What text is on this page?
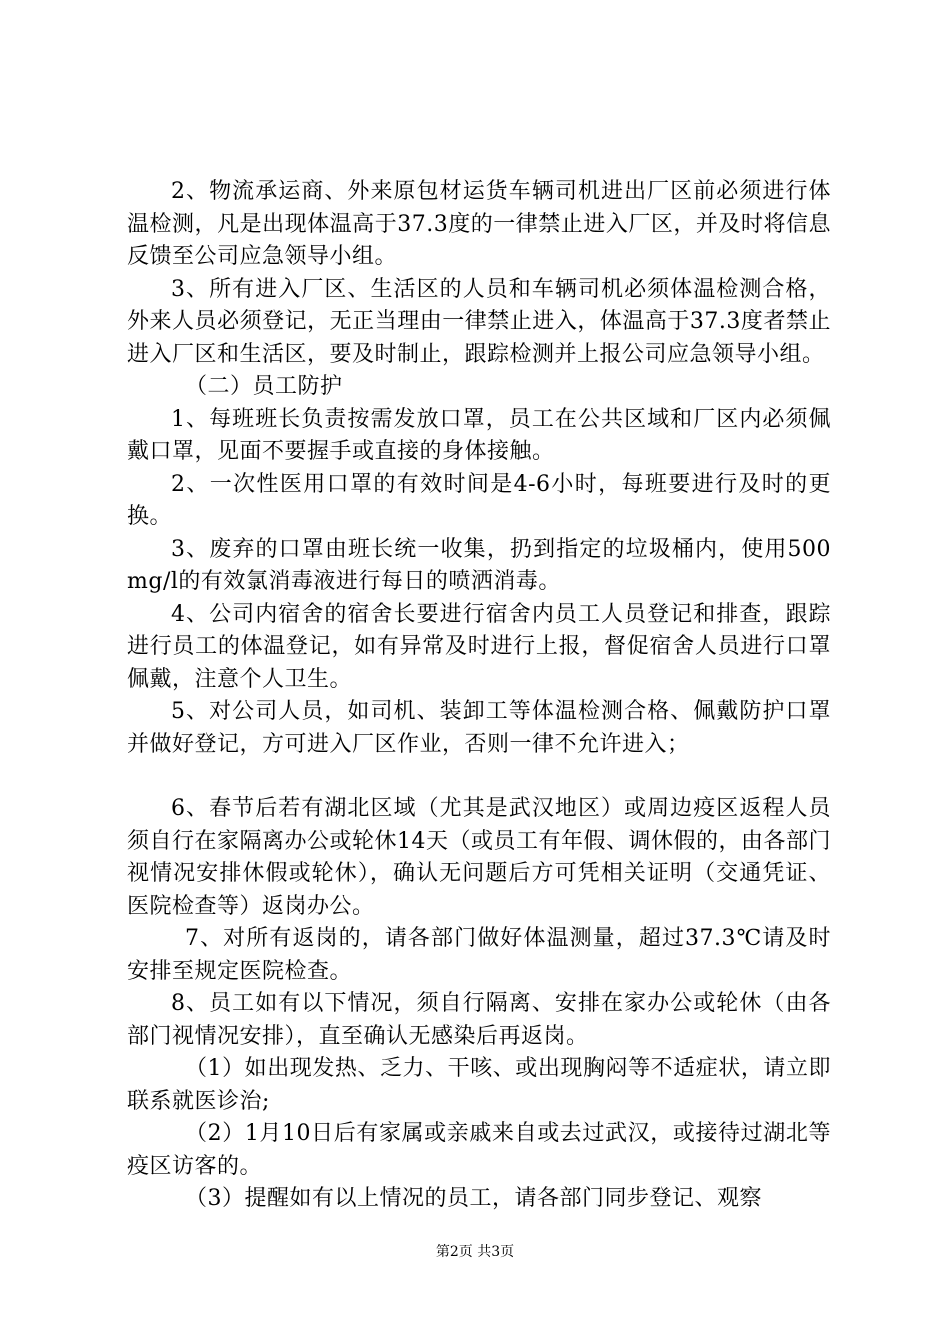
2、物流承运商、外来原包材运货车辆司机进出厂区前必须进行体温检测，凡是出现体温高于37.3度的一律禁止进入厂区，并及时将信息反馈至公司应急领导小组。

3、所有进入厂区、生活区的人员和车辆司机必须体温检测合格，外来人员必须登记，无正当理由一律禁止进入，体温高于37.3度者禁止进入厂区和生活区，要及时制止，跟踪检测并上报公司应急领导小组。

（二）员工防护

1、每班班长负责按需发放口罩，员工在公共区域和厂区内必须佩戴口罩，见面不要握手或直接的身体接触。

2、一次性医用口罩的有效时间是4-6小时，每班要进行及时的更换。

3、废弃的口罩由班长统一收集，扔到指定的垃圾桶内，使用500mg/l的有效氯消毒液进行每日的喷洒消毒。

4、公司内宿舍的宿舍长要进行宿舍内员工人员登记和排查，跟踪进行员工的体温登记，如有异常及时进行上报，督促宿舍人员进行口罩佩戴，注意个人卫生。

5、对公司人员，如司机、装卸工等体温检测合格、佩戴防护口罩并做好登记，方可进入厂区作业，否则一律不允许进入；

6、春节后若有湖北区域（尤其是武汉地区）或周边疫区返程人员须自行在家隔离办公或轮休14天（或员工有年假、调休假的，由各部门视情况安排休假或轮休），确认无问题后方可凭相关证明（交通凭证、医院检查等）返岗办公。

7、对所有返岗的，请各部门做好体温测量，超过37.3℃请及时安排至规定医院检查。

8、员工如有以下情况，须自行隔离、安排在家办公或轮休（由各部门视情况安排），直至确认无感染后再返岗。

（1）如出现发热、乏力、干咳、或出现胸闷等不适症状，请立即联系就医诊治;

（2）1月10日后有家属或亲戚来自或去过武汉，或接待过湖北等疫区访客的。

（3）提醒如有以上情况的员工，请各部门同步登记、观察

第2页 共3页
